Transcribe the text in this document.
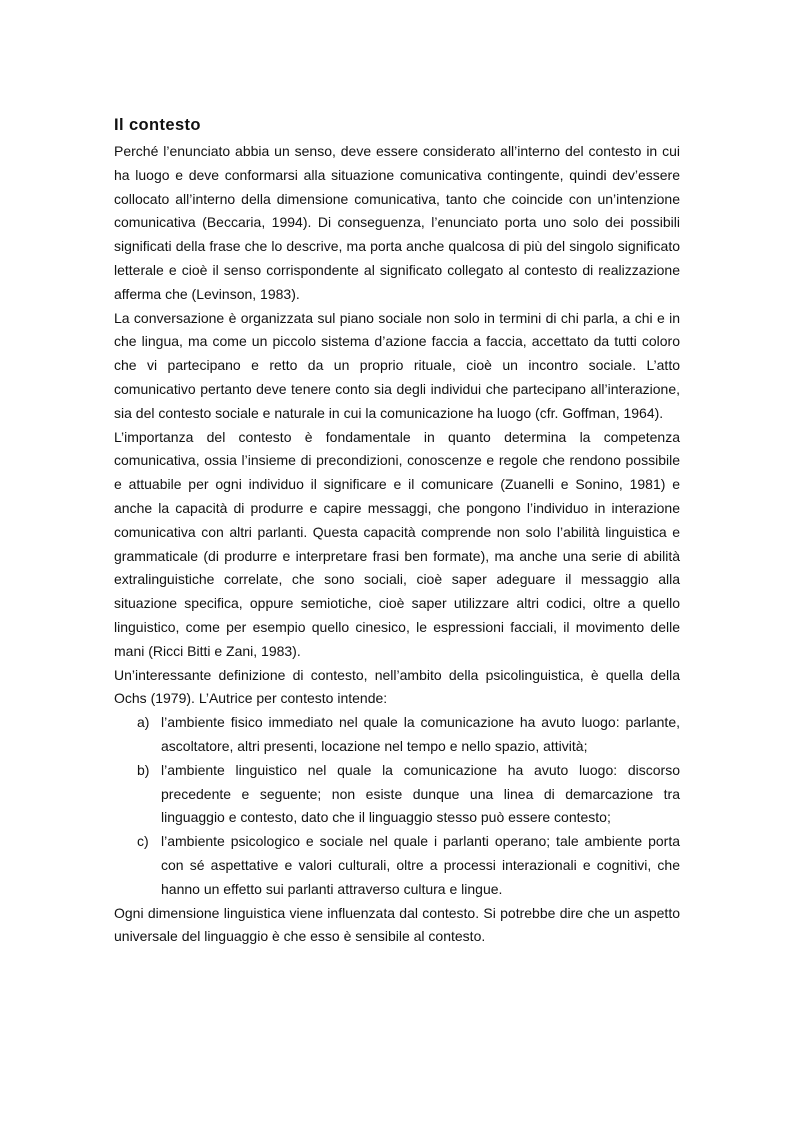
Il contesto

Perché l’enunciato abbia un senso, deve essere considerato all’interno del contesto in cui ha luogo e deve conformarsi alla situazione comunicativa contingente, quindi dev’essere collocato all’interno della dimensione comunicativa, tanto che coincide con un’intenzione comunicativa (Beccaria, 1994). Di conseguenza, l’enunciato porta uno solo dei possibili significati della frase che lo descrive, ma porta anche qualcosa di più del singolo significato letterale e cioè il senso corrispondente al significato collegato al contesto di realizzazione afferma che (Levinson, 1983).

La conversazione è organizzata sul piano sociale non solo in termini di chi parla, a chi e in che lingua, ma come un piccolo sistema d’azione faccia a faccia, accettato da tutti coloro che vi partecipano e retto da un proprio rituale, cioè un incontro sociale. L’atto comunicativo pertanto deve tenere conto sia degli individui che partecipano all’interazione, sia del contesto sociale e naturale in cui la comunicazione ha luogo (cfr. Goffman, 1964).

L’importanza del contesto è fondamentale in quanto determina la competenza comunicativa, ossia l’insieme di precondizioni, conoscenze e regole che rendono possibile e attuabile per ogni individuo il significare e il comunicare (Zuanelli e Sonino, 1981) e anche la capacità di produrre e capire messaggi, che pongono l’individuo in interazione comunicativa con altri parlanti. Questa capacità comprende non solo l’abilità linguistica e grammaticale (di produrre e interpretare frasi ben formate), ma anche una serie di abilità extralinguistiche correlate, che sono sociali, cioè saper adeguare il messaggio alla situazione specifica, oppure semiotiche, cioè saper utilizzare altri codici, oltre a quello linguistico, come per esempio quello cinesico, le espressioni facciali, il movimento delle mani (Ricci Bitti e Zani, 1983).

Un’interessante definizione di contesto, nell’ambito della psicolinguistica, è quella della Ochs (1979). L’Autrice per contesto intende:

a) l’ambiente fisico immediato nel quale la comunicazione ha avuto luogo: parlante, ascoltatore, altri presenti, locazione nel tempo e nello spazio, attività;
b) l’ambiente linguistico nel quale la comunicazione ha avuto luogo: discorso precedente e seguente; non esiste dunque una linea di demarcazione tra linguaggio e contesto, dato che il linguaggio stesso può essere contesto;
c) l’ambiente psicologico e sociale nel quale i parlanti operano; tale ambiente porta con sé aspettative e valori culturali, oltre a processi interazionali e cognitivi, che hanno un effetto sui parlanti attraverso cultura e lingue.

Ogni dimensione linguistica viene influenzata dal contesto. Si potrebbe dire che un aspetto universale del linguaggio è che esso è sensibile al contesto.
